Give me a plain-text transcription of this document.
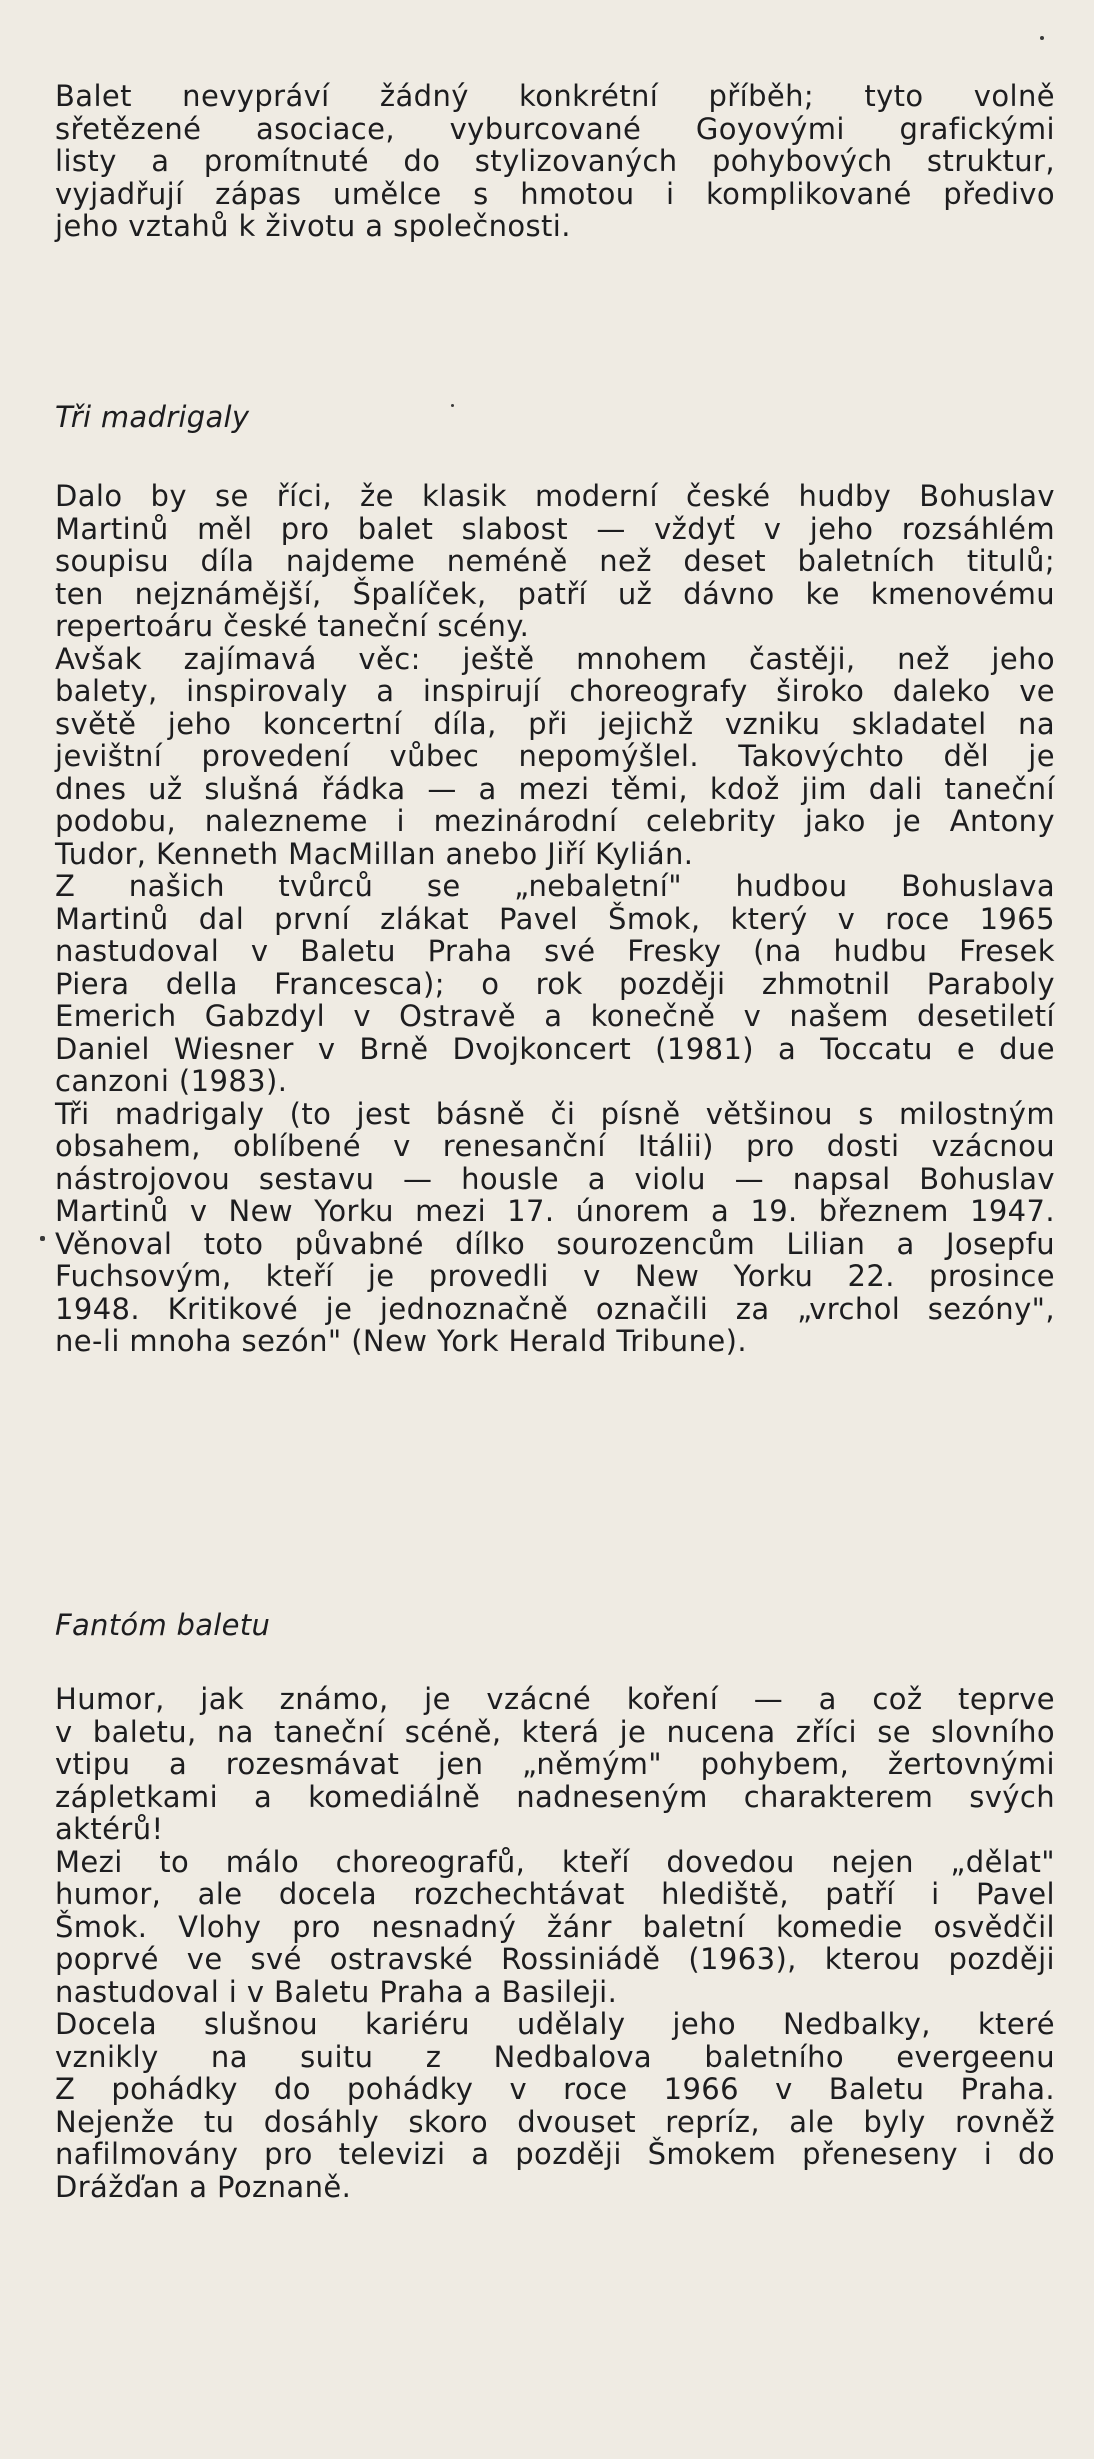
Balet nevypráví žádný konkrétní příběh; tyto volně
sřetězené asociace, vyburcované Goyovými grafickými
listy a promítnuté do stylizovaných pohybových struktur,
vyjadřují zápas umělce s hmotou i komplikované předivo
jeho vztahů k životu a společnosti.
Tři madrigaly
Dalo by se říci, že klasik moderní české hudby Bohuslav
Martinů měl pro balet slabost — vždyť v jeho rozsáhlém
soupisu díla najdeme neméně než deset baletních titulů;
ten nejznámější, Špalíček, patří už dávno ke kmenovému
repertoáru české taneční scény.
Avšak zajímavá věc: ještě mnohem častěji, než jeho
balety, inspirovaly a inspirují choreografy široko daleko ve
světě jeho koncertní díla, při jejichž vzniku skladatel na
jevištní provedení vůbec nepomýšlel. Takovýchto děl je
dnes už slušná řádka — a mezi těmi, kdož jim dali taneční
podobu, nalezneme i mezinárodní celebrity jako je Antony
Tudor, Kenneth MacMillan anebo Jiří Kylián.
Z našich tvůrců se „nebaletní" hudbou Bohuslava
Martinů dal první zlákat Pavel Šmok, který v roce 1965
nastudoval v Baletu Praha své Fresky (na hudbu Fresek
Piera della Francesca); o rok později zhmotnil Paraboly
Emerich Gabzdyl v Ostravě a konečně v našem desetiletí
Daniel Wiesner v Brně Dvojkoncert (1981) a Toccatu e due
canzoni (1983).
Tři madrigaly (to jest básně či písně většinou s milostným
obsahem, oblíbené v renesanční Itálii) pro dosti vzácnou
nástrojovou sestavu — housle a violu — napsal Bohuslav
Martinů v New Yorku mezi 17. únorem a 19. březnem 1947.
Věnoval toto půvabné dílko sourozencům Lilian a Josepfu
Fuchsovým, kteří je provedli v New Yorku 22. prosince
1948. Kritikové je jednoznačně označili za „vrchol sezóny",
ne-li mnoha sezón" (New York Herald Tribune).
Fantóm baletu
Humor, jak známo, je vzácné koření — a což teprve
v baletu, na taneční scéně, která je nucena zříci se slovního
vtipu a rozesmávat jen „němým" pohybem, žertovnými
zápletkami a komediálně nadneseným charakterem svých
aktérů!
Mezi to málo choreografů, kteří dovedou nejen „dělat"
humor, ale docela rozchechtávat hlediště, patří i Pavel
Šmok. Vlohy pro nesnadný žánr baletní komedie osvědčil
poprvé ve své ostravské Rossiniádě (1963), kterou později
nastudoval i v Baletu Praha a Basileji.
Docela slušnou kariéru udělaly jeho Nedbalky, které
vznikly na suitu z Nedbalova baletního evergeenu
Z pohádky do pohádky v roce 1966 v Baletu Praha.
Nejenže tu dosáhly skoro dvouset repríz, ale byly rovněž
nafilmovány pro televizi a později Šmokem přeneseny i do
Drážďan a Poznaně.
